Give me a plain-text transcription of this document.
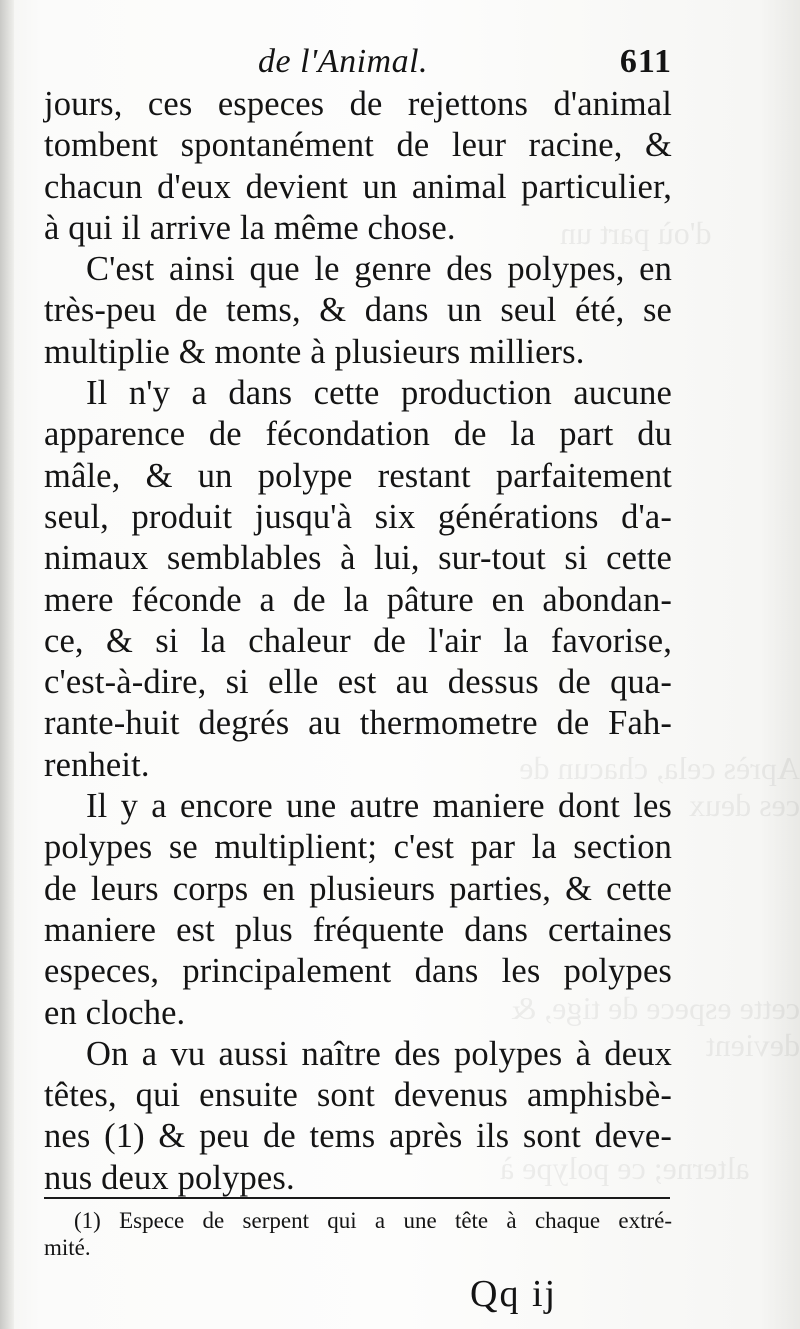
d'où part un
Après cela, chacun de ces deux
cette espece de tige, & devient
alterne; ce polype à
de l'Animal.	611
jours, ces especes de rejettons d'animal
tombent spontanément de leur racine, &
chacun d'eux devient un animal particulier,
à qui il arrive la même chose.
C'est ainsi que le genre des polypes, en
très-peu de tems, & dans un seul été, se
multiplie & monte à plusieurs milliers.
Il n'y a dans cette production aucune
apparence de fécondation de la part du
mâle, & un polype restant parfaitement
seul, produit jusqu'à six générations d'a-
nimaux semblables à lui, sur-tout si cette
mere féconde a de la pâture en abondan-
ce, & si la chaleur de l'air la favorise,
c'est-à-dire, si elle est au dessus de qua-
rante-huit degrés au thermometre de Fah-
renheit.
Il y a encore une autre maniere dont les
polypes se multiplient; c'est par la section
de leurs corps en plusieurs parties, & cette
maniere est plus fréquente dans certaines
especes, principalement dans les polypes
en cloche.
On a vu aussi naître des polypes à deux
têtes, qui ensuite sont devenus amphisbè-
nes (1) & peu de tems après ils sont deve-
nus deux polypes.
(1) Espece de serpent qui a une tête à chaque extré-
mité.
Qq ij
